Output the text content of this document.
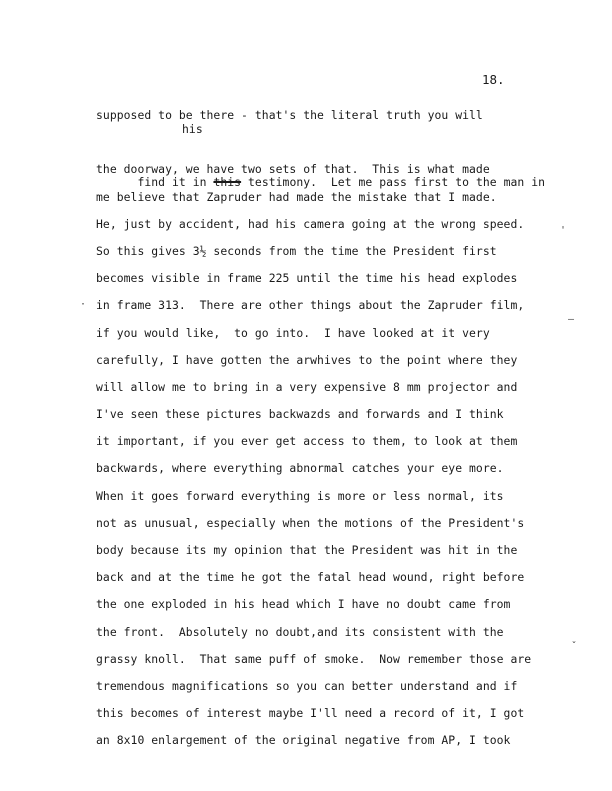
18.
supposed to be there - that's the literal truth you will

his

find it in this testimony.  Let me pass first to the man in

the doorway, we have two sets of that.  This is what made
me believe that Zapruder had made the mistake that I made.
He, just by accident, had his camera going at the wrong speed.
So this gives 3½ seconds from the time the President first
becomes visible in frame 225 until the time his head explodes
in frame 313.  There are other things about the Zapruder film,
if you would like,  to go into.  I have looked at it very
carefully, I have gotten the arwhives to the point where they
will allow me to bring in a very expensive 8 mm projector and
I've seen these pictures backwazds and forwards and I think
it important, if you ever get access to them, to look at them
backwards, where everything abnormal catches your eye more.
When it goes forward everything is more or less normal, its
not as unusual, especially when the motions of the President's
body because its my opinion that the President was hit in the
back and at the time he got the fatal head wound, right before
the one exploded in his head which I have no doubt came from
the front.  Absolutely no doubt,and its consistent with the
grassy knoll.  That same puff of smoke.  Now remember those are
tremendous magnifications so you can better understand and if
this becomes of interest maybe I'll need a record of it, I got
an 8x10 enlargement of the original negative from AP, I took
·
'
–
ˇ
